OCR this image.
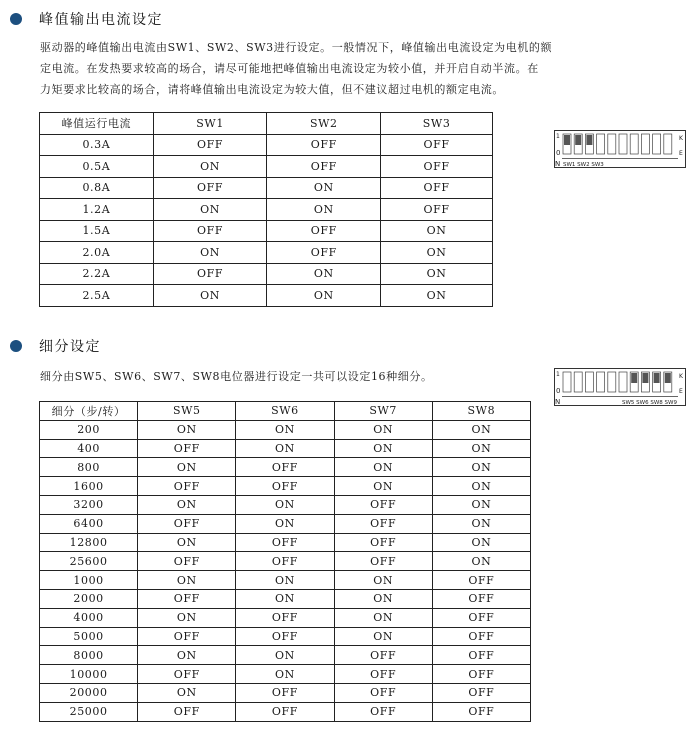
峰值输出电流设定

驱动器的峰值输出电流由SW1、SW2、SW3进行设定。一般情况下，峰值输出电流设定为电机的额

定电流。在发热要求较高的场合，请尽可能地把峰值输出电流设定为较小值，并开启自动半流。在

力矩要求比较高的场合，请将峰值输出电流设定为较大值，但不建议超过电机的额定电流。

峰值运行电流	SW1	SW2	SW3
0.3A	OFF	OFF	OFF
0.5A	ON	OFF	OFF
0.8A	OFF	ON	OFF
1.2A	ON	ON	OFF
1.5A	OFF	OFF	ON
2.0A	ON	OFF	ON
2.2A	OFF	ON	ON
2.5A	ON	ON	ON
1
0
N
K
E
SW1 SW2 SW3
细分设定

细分由SW5、SW6、SW7、SW8电位器进行设定一共可以设定16种细分。

细分（步/转）	SW5	SW6	SW7	SW8
200	ON	ON	ON	ON
400	OFF	ON	ON	ON
800	ON	OFF	ON	ON
1600	OFF	OFF	ON	ON
3200	ON	ON	OFF	ON
6400	OFF	ON	OFF	ON
12800	ON	OFF	OFF	ON
25600	OFF	OFF	OFF	ON
1000	ON	ON	ON	OFF
2000	OFF	ON	ON	OFF
4000	ON	OFF	ON	OFF
5000	OFF	OFF	ON	OFF
8000	ON	ON	OFF	OFF
10000	OFF	ON	OFF	OFF
20000	ON	OFF	OFF	OFF
25000	OFF	OFF	OFF	OFF
1
0
N
K
E
SW5 SW6 SW8 SW9
